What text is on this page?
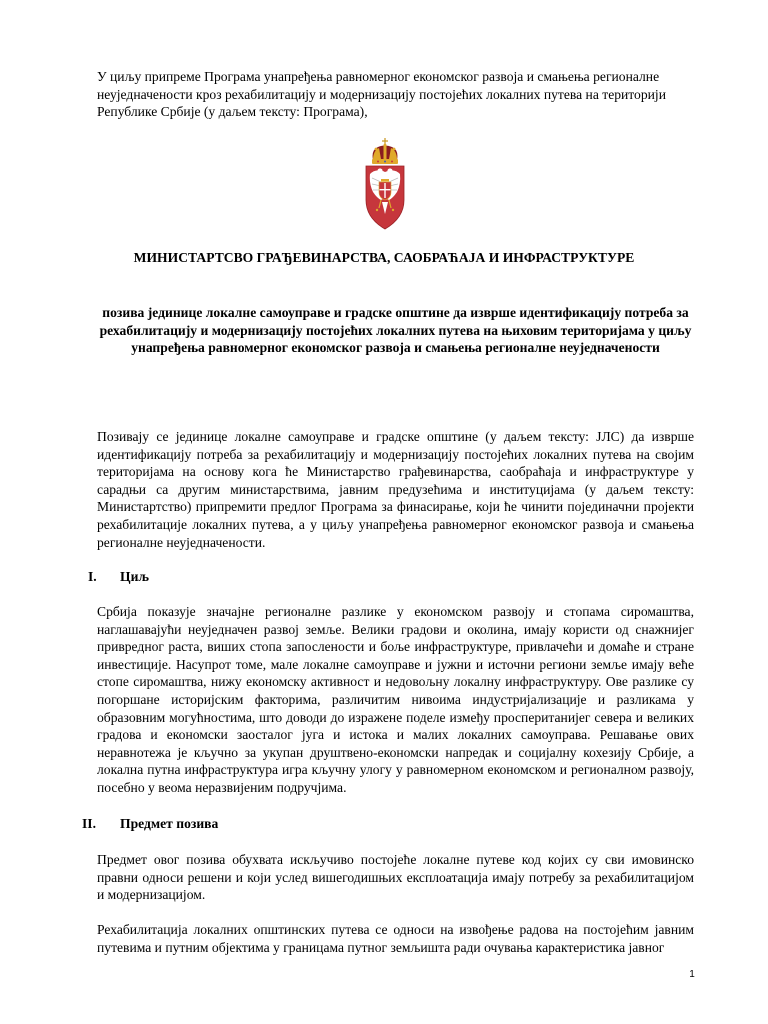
У циљу припреме Програма унапређења равномерног економског развоја и смањења регионалне неуједначености кроз рехабилитацију и модернизацију постојећих локалних путева на територији Републике Србије (у даљем тексту: Програма),

МИНИСТАРТСВО ГРАЂЕВИНАРСТВА, САОБРАЋАЈА И ИНФРАСТРУКТУРЕ

позива јединице локалне самоуправе и градске општине да изврше идентификацију потреба за рехабилитацију и модернизацију постојећих локалних путева на њиховим територијама у циљу унапређења равномерног економског развоја и смањења регионалне неуједначености

Позивају се јединице локалне самоуправе и градске општине (у даљем тексту: ЈЛС) да изврше идентификацију потреба за рехабилитацију и модернизацију постојећих локалних путева на својим територијама на основу кога ће Министарство грађевинарства, саобраћаја и инфраструктуре у сарадњи са другим министарствима, јавним предузећима и институцијама (у даљем тексту: Министартство) припремити предлог Програма за финасирање, који ће чинити појединачни пројекти рехабилитације локалних путева, а у циљу унапређења равномерног економског развоја и смањења регионалне неуједначености.

I. Циљ

Србија показује значајне регионалне разлике у економском развоју и стопама сиромаштва, наглашавајући неуједначен развој земље. Велики градови и околина, имају користи од снажнијег привредног раста, виших стопа запослености и боље инфраструктуре, привлачећи и домаће и стране инвестиције. Насупрот томе, мале локалне самоуправе и јужни и источни региони земље имају веће стопе сиромаштва, нижу економску активност и недовољну локалну инфраструктуру. Ове разлике су погоршане историјским факторима, различитим нивоима индустријализације и разликама у образовним могућностима, што доводи до изражене поделе између проспеританијег севера и великих градова и економски заосталог југа и истока и малих локалних самоуправа. Решавање ових неравнотежа је кључно за укупан друштвено-економски напредак и социјалну кохезију Србије, а локална путна инфраструктура игра кључну улогу у равномерном економском и регионалном развоју, посебно у веома неразвијеним подручјима.

II. Предмет позива

Предмет овог позива обухвата искључиво постојеће локалне путеве код којих су сви имовинско правни односи решени и који услед вишегодишњих експлоатација имају потребу за рехабилитацијом и модернизацијом.

Рехабилитација локалних општинских путева се односи на извођење радова на постојећим јавним путевима и путним објектима у границама путног земљишта ради очувања карактеристика јавног

1
